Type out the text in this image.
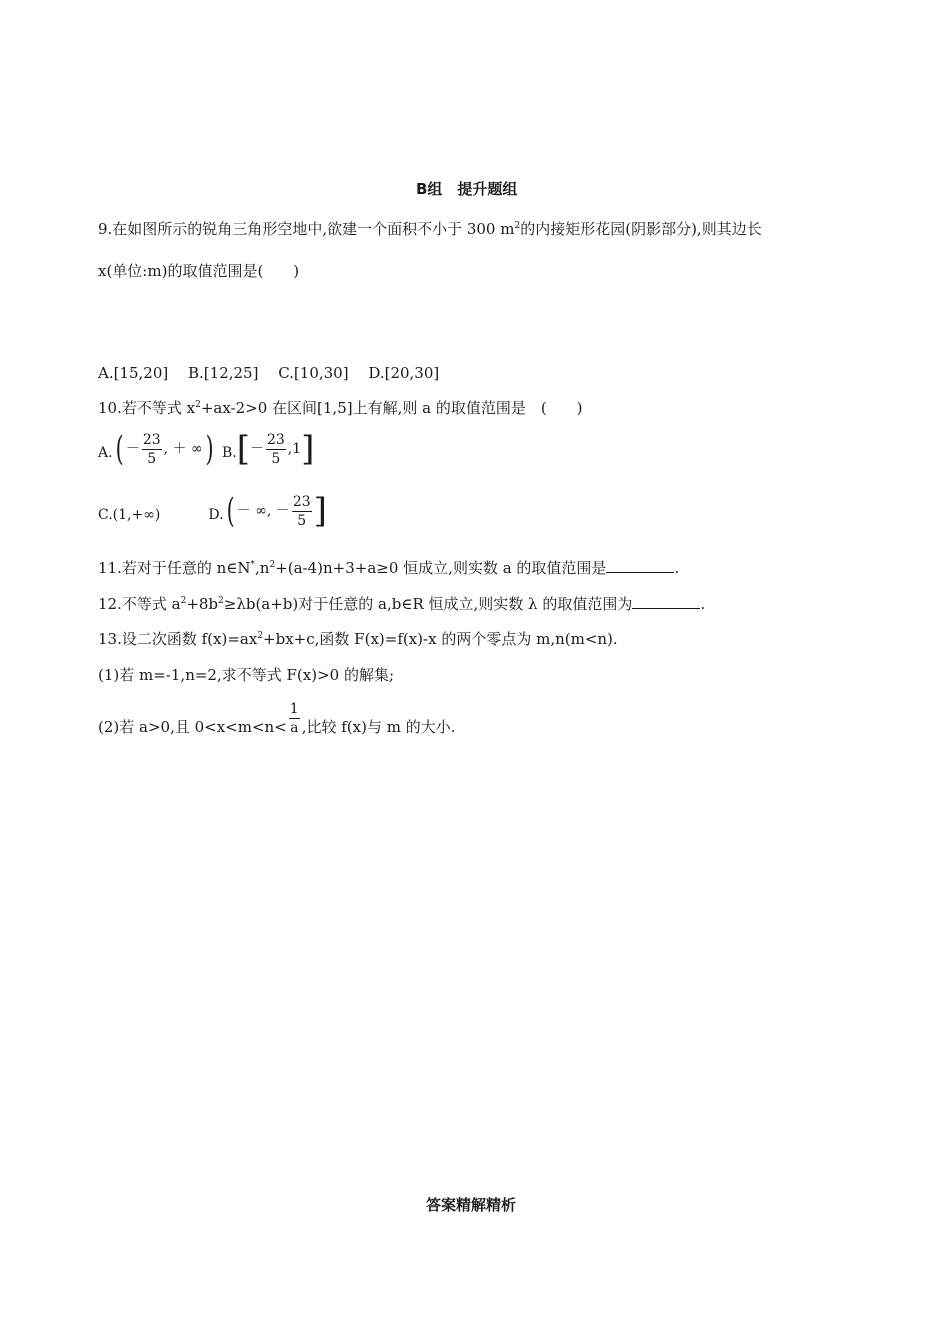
B组　提升题组
9.在如图所示的锐角三角形空地中,欲建一个面积不小于 300 $m^2$的内接矩形花园(阴影部分),则其边长
x(单位:m)的取值范围是(　　)
A.[15,20]　 B.[12,25]　 C.[10,30]　 D.[20,30]
10.若不等式 $x^2+ax-2>0$ 在区间[1,5]上有解,则 a 的取值范围是　(　　)
A. ( － $\frac{23}{5}$ , ＋ ∞ ) B. [ － $\frac{23}{5} ,1$ ]
C.(1,+∞)	D. ( － ∞, － $\frac{23}{5}$ ]
11.若对于任意的 $n\in N^*,n^2+(a-4)n+3+a\ge 0$ 恒成立,则实数 a 的取值范围是	.
12.不等式 $a^2+8b^2\ge\lambda b(a+b)$对于任意的 a,b∈R 恒成立,则实数 λ 的取值范围为	.
13.设二次函数 $f(x)=ax^2+bx+c$,函数 F(x)=f(x)-x 的两个零点为 m,n(m<n).
(1)若 m=-1,n=2,求不等式 F(x)>0 的解集;
(2)若 a>0,且 $0<x<m<n< \frac{1}{a}$ ,比较 f(x)与 m 的大小.
答案精解精析
